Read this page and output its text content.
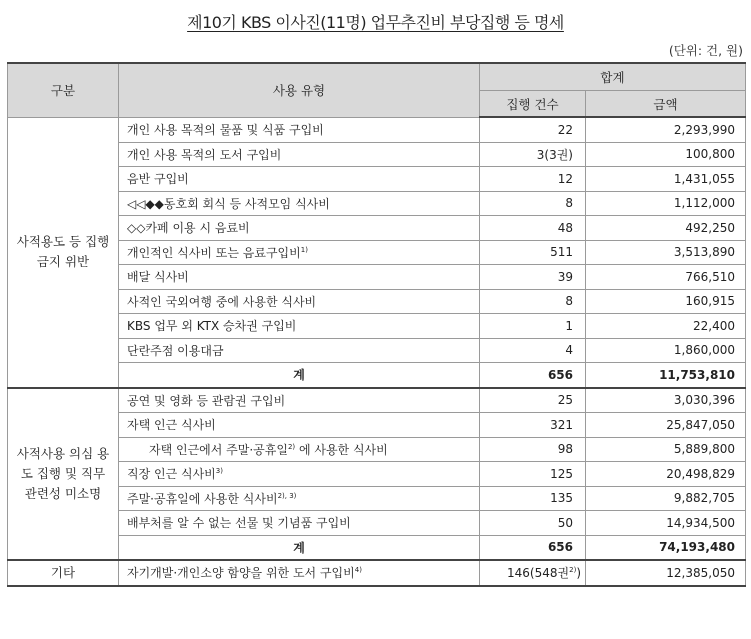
제10기 KBS 이사진(11명) 업무추진비 부당집행 등 명세
(단위: 건, 원)
구분	사용 유형	합계	
		집행 건수	금액
사적용도 등 집행금지 위반	개인 사용 목적의 물품 및 식품 구입비	22	2,293,990
	개인 사용 목적의 도서 구입비	3(3권)	100,800
	음반 구입비	12	1,431,055
	◁◁◆◆동호회 회식 등 사적모임 식사비	8	1,112,000
	◇◇카페 이용 시 음료비	48	492,250
	개인적인 식사비 또는 음료구입비$^{1)}$	511	3,513,890
	배달 식사비	39	766,510
	사적인 국외여행 중에 사용한 식사비	8	160,915
	KBS 업무 외 KTX 승차권 구입비	1	22,400
	단란주점 이용대금	4	1,860,000
	계	656	11,753,810
사적사용 의심 용도 집행 및 직무관련성 미소명	공연 및 영화 등 관람권 구입비	25	3,030,396
	자택 인근 식사비	321	25,847,050
	자택 인근에서 주말·공휴일$^{2)}$ 에 사용한 식사비	98	5,889,800
	직장 인근 식사비$^{3)}$	125	20,498,829
	주말·공휴일에 사용한 식사비$^{2), 3)}$	135	9,882,705
	배부처를 알 수 없는 선물 및 기념품 구입비	50	14,934,500
	계	656	74,193,480
기타	자기개발·개인소양 함양을 위한 도서 구입비$^{4)}$	146(548권$^{2)}$)	12,385,050
